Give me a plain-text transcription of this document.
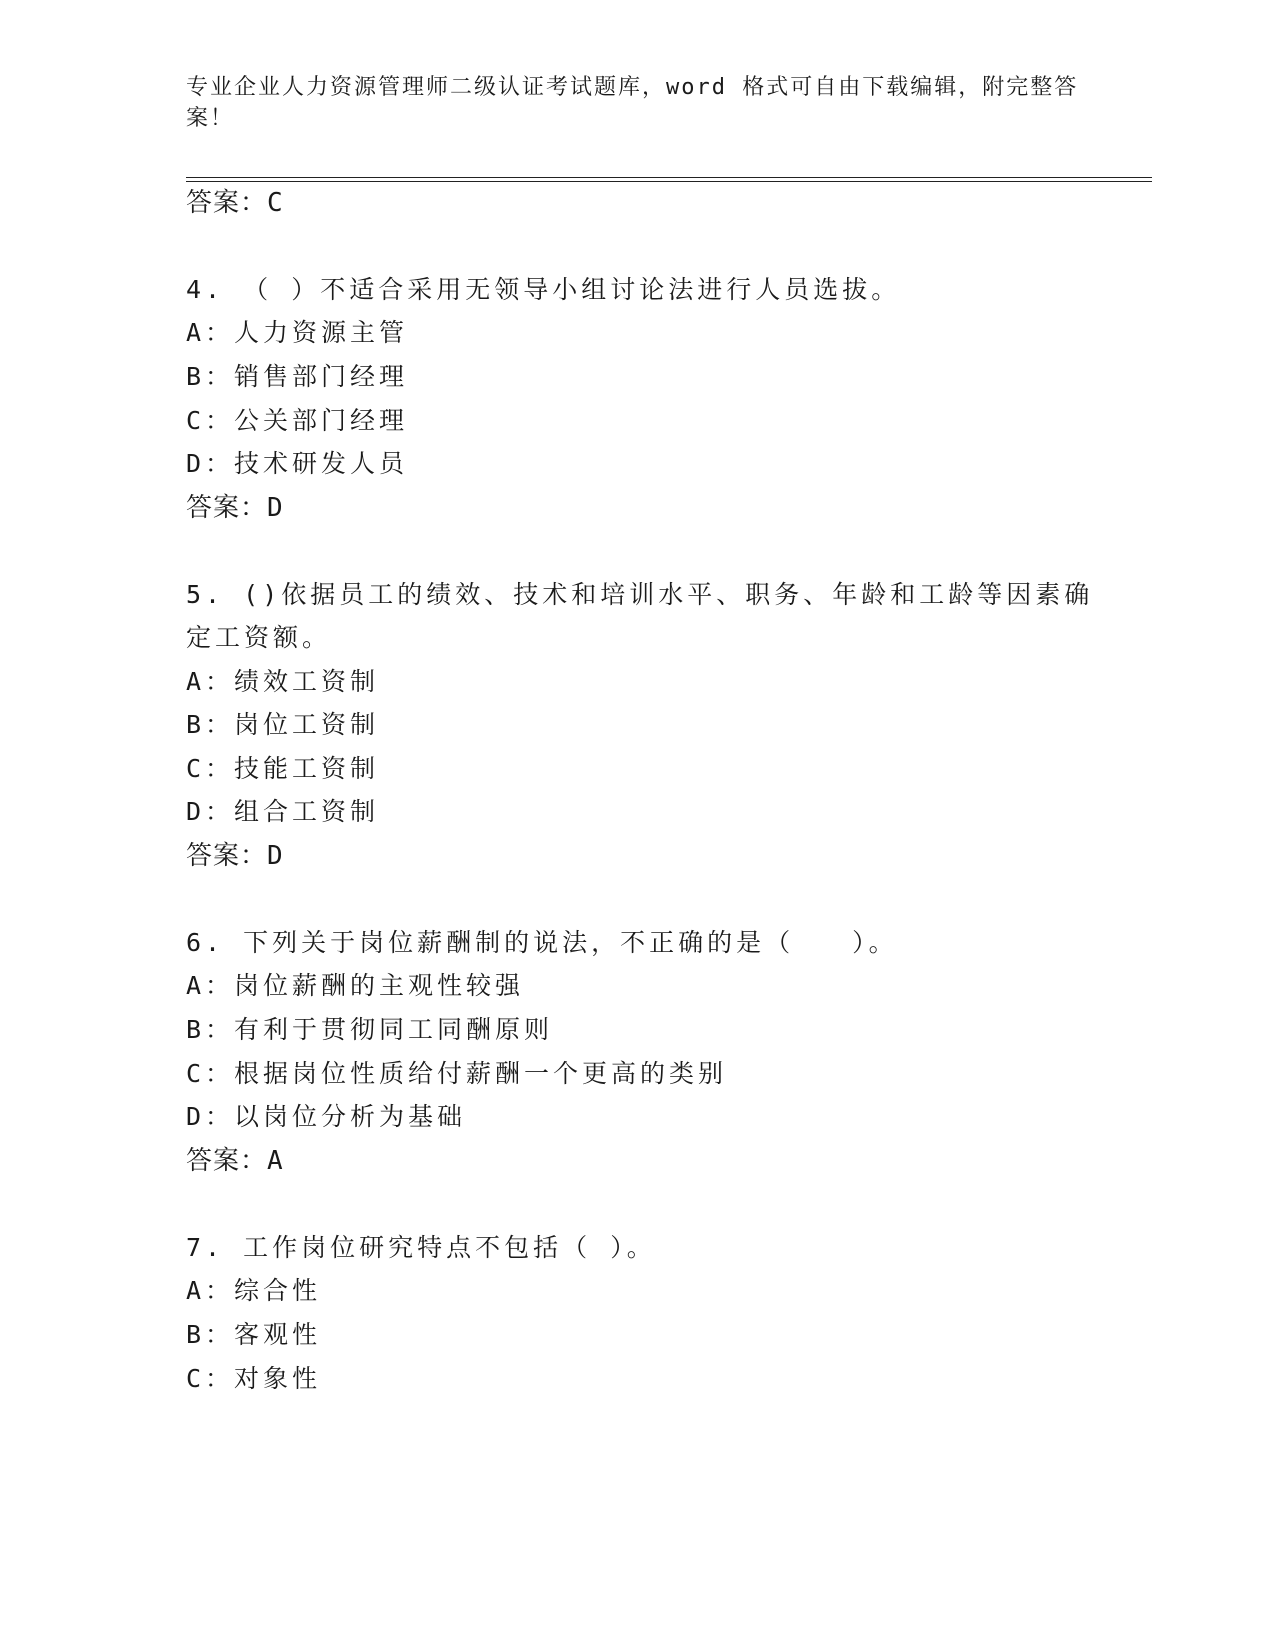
专业企业人力资源管理师二级认证考试题库，word 格式可自由下载编辑，附完整答案！
答案：C
4. （ ）不适合采用无领导小组讨论法进行人员选拔。
A：人力资源主管
B：销售部门经理
C：公关部门经理
D：技术研发人员
答案：D
5. ()依据员工的绩效、技术和培训水平、职务、年龄和工龄等因素确
定工资额。
A：绩效工资制
B：岗位工资制
C：技能工资制
D：组合工资制
答案：D
6. 下列关于岗位薪酬制的说法，不正确的是（　　）。
A：岗位薪酬的主观性较强
B：有利于贯彻同工同酬原则
C：根据岗位性质给付薪酬一个更高的类别
D：以岗位分析为基础
答案：A
7. 工作岗位研究特点不包括（ ）。
A：综合性
B：客观性
C：对象性
